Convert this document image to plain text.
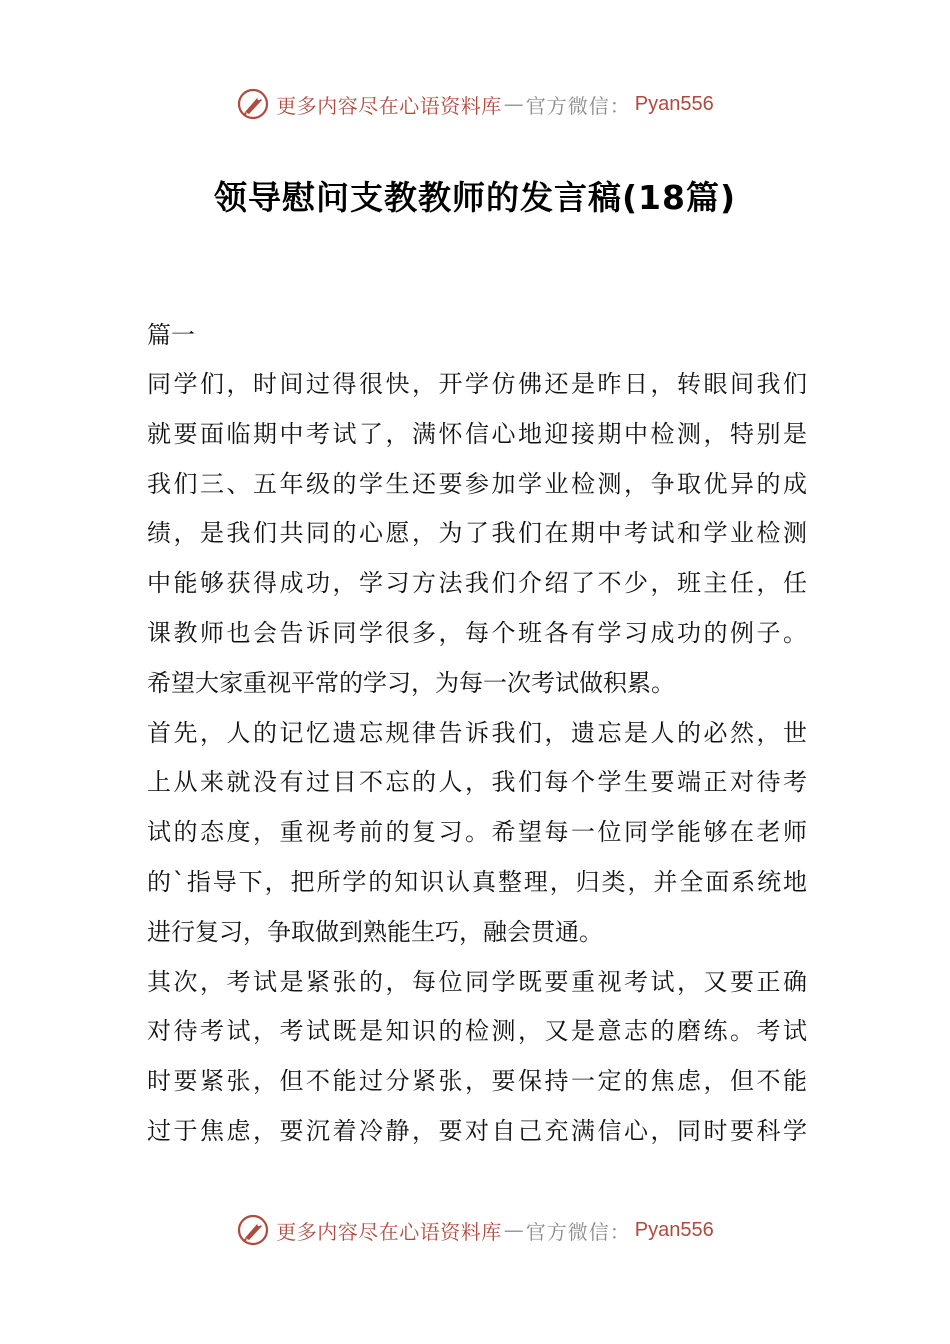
更多内容尽在心语资料库 — 官方微信： Pyan556
领导慰问支教教师的发言稿(18篇)
篇一
同学们，时间过得很快，开学仿佛还是昨日，转眼间我们
就要面临期中考试了，满怀信心地迎接期中检测，特别是
我们三、五年级的学生还要参加学业检测，争取优异的成
绩，是我们共同的心愿，为了我们在期中考试和学业检测
中能够获得成功，学习方法我们介绍了不少，班主任，任
课教师也会告诉同学很多，每个班各有学习成功的例子。
希望大家重视平常的学习，为每一次考试做积累。
首先，人的记忆遗忘规律告诉我们，遗忘是人的必然，世
上从来就没有过目不忘的人，我们每个学生要端正对待考
试的态度，重视考前的复习。希望每一位同学能够在老师
的`指导下，把所学的知识认真整理，归类，并全面系统地
进行复习，争取做到熟能生巧，融会贯通。
其次，考试是紧张的，每位同学既要重视考试，又要正确
对待考试，考试既是知识的检测，又是意志的磨练。考试
时要紧张，但不能过分紧张，要保持一定的焦虑，但不能
过于焦虑，要沉着冷静，要对自己充满信心，同时要科学
更多内容尽在心语资料库 — 官方微信： Pyan556
